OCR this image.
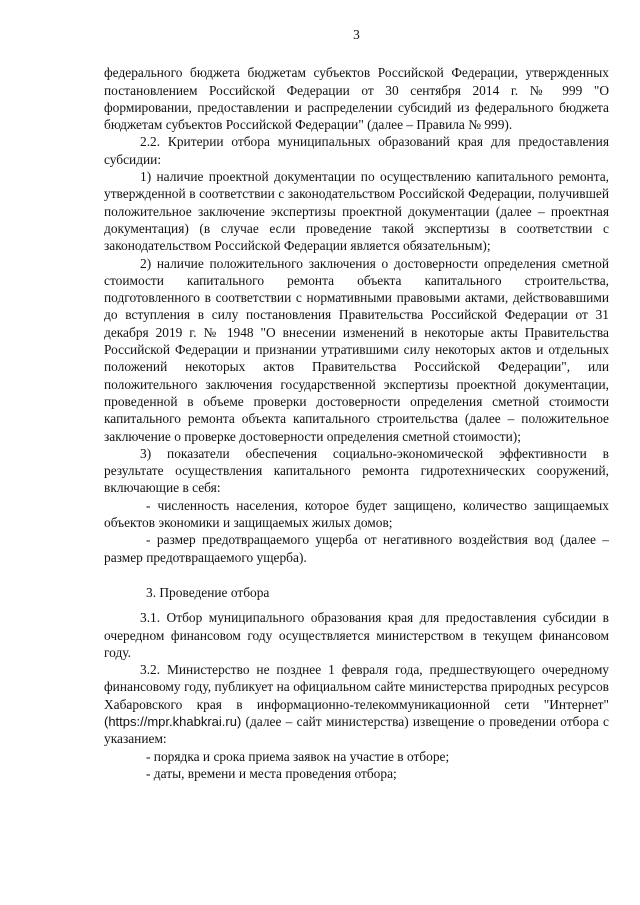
3

федерального бюджета бюджетам субъектов Российской Федерации, утвержденных постановлением Российской Федерации от 30 сентября 2014 г. № 999 "О формировании, предоставлении и распределении субсидий из федерального бюджета бюджетам субъектов Российской Федерации" (далее – Правила № 999).

2.2. Критерии отбора муниципальных образований края для предоставления субсидии:

1) наличие проектной документации по осуществлению капитального ремонта, утвержденной в соответствии с законодательством Российской Федерации, получившей положительное заключение экспертизы проектной документации (далее – проектная документация) (в случае если проведение такой экспертизы в соответствии с законодательством Российской Федерации является обязательным);

2) наличие положительного заключения о достоверности определения сметной стоимости капитального ремонта объекта капитального строительства, подготовленного в соответствии с нормативными правовыми актами, действовавшими до вступления в силу постановления Правительства Российской Федерации от 31 декабря 2019 г. № 1948 "О внесении изменений в некоторые акты Правительства Российской Федерации и признании утратившими силу некоторых актов и отдельных положений некоторых актов Правительства Российской Федерации", или положительного заключения государственной экспертизы проектной документации, проведенной в объеме проверки достоверности определения сметной стоимости капитального ремонта объекта капитального строительства (далее – положительное заключение о проверке достоверности определения сметной стоимости);

3) показатели обеспечения социально-экономической эффективности в результате осуществления капитального ремонта гидротехнических сооружений, включающие в себя:

- численность населения, которое будет защищено, количество защищаемых объектов экономики и защищаемых жилых домов;

- размер предотвращаемого ущерба от негативного воздействия вод (далее – размер предотвращаемого ущерба).

3. Проведение отбора

3.1. Отбор муниципального образования края для предоставления субсидии в очередном финансовом году осуществляется министерством в текущем финансовом году.

3.2. Министерство не позднее 1 февраля года, предшествующего очередному финансовому году, публикует на официальном сайте министерства природных ресурсов Хабаровского края в информационно-телекоммуникационной сети "Интернет" (https://mpr.khabkrai.ru) (далее – сайт министерства) извещение о проведении отбора с указанием:

- порядка и срока приема заявок на участие в отборе;

- даты, времени и места проведения отбора;
